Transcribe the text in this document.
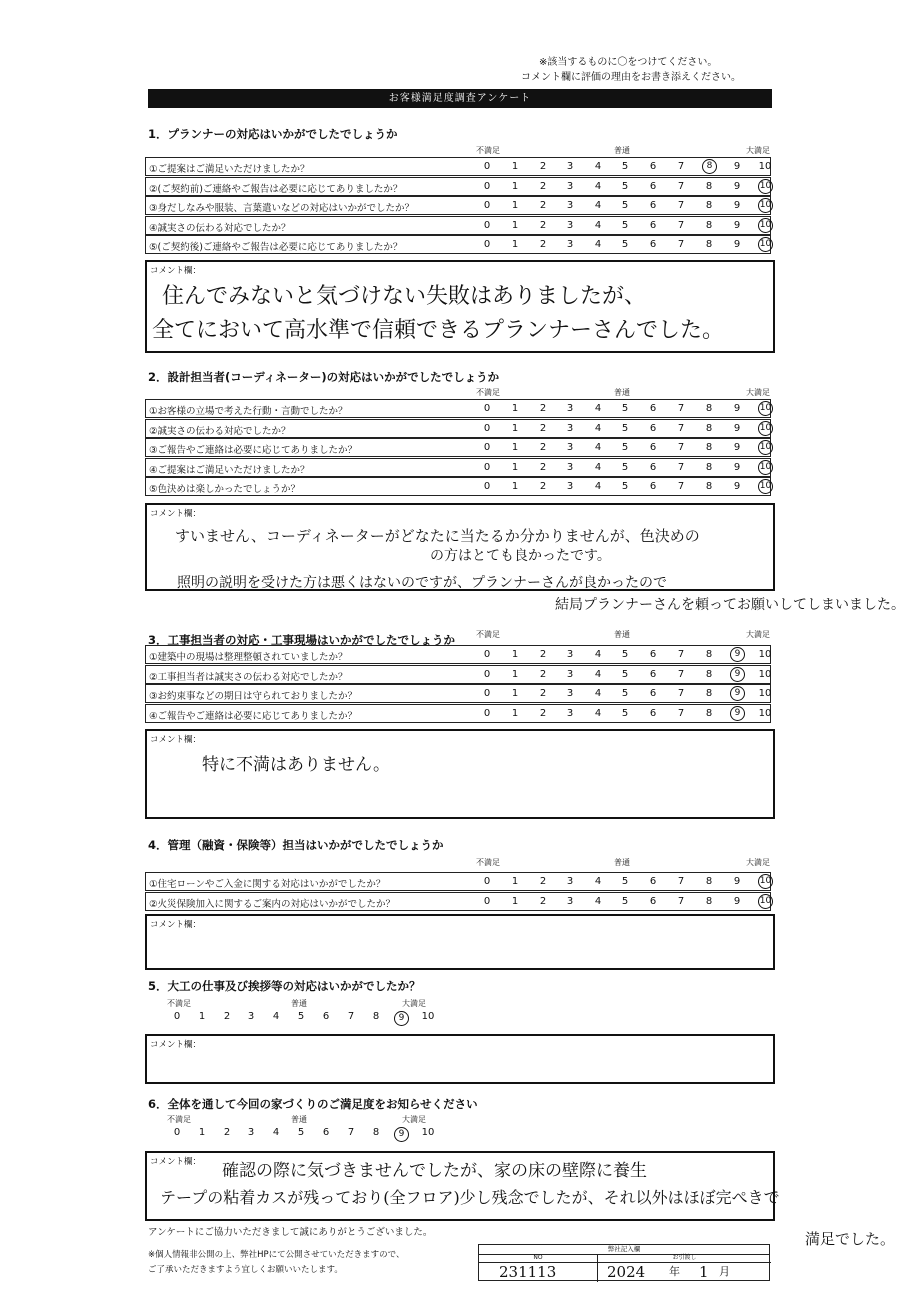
※該当するものに〇をつけてください。
コメント欄に評価の理由をお書き添えください。
お客様満足度調査アンケート
1．プランナーの対応はいかがでしたでしょうか
不満足	普通	大満足
①ご提案はご満足いただけましたか？	0	1	2	3	4	5	6	7	8	9	10
②(ご契約前)ご連絡やご報告は必要に応じてありましたか？	0	1	2	3	4	5	6	7	8	9	10
③身だしなみや服装、言葉遣いなどの対応はいかがでしたか？	0	1	2	3	4	5	6	7	8	9	10
④誠実さの伝わる対応でしたか？	0	1	2	3	4	5	6	7	8	9	10
⑤(ご契約後)ご連絡やご報告は必要に応じてありましたか？	0	1	2	3	4	5	6	7	8	9	10
コメント欄：
住んでみないと気づけない失敗はありましたが、
全てにおいて高水準で信頼できるプランナーさんでした。
2．設計担当者(コーディネーター)の対応はいかがでしたでしょうか
不満足	普通	大満足
①お客様の立場で考えた行動・言動でしたか？	0	1	2	3	4	5	6	7	8	9	10
②誠実さの伝わる対応でしたか？	0	1	2	3	4	5	6	7	8	9	10
③ご報告やご連絡は必要に応じてありましたか？	0	1	2	3	4	5	6	7	8	9	10
④ご提案はご満足いただけましたか？	0	1	2	3	4	5	6	7	8	9	10
⑤色決めは楽しかったでしょうか？	0	1	2	3	4	5	6	7	8	9	10
コメント欄：
すいません、コーディネーターがどなたに当たるか分かりませんが、色決めの
の方はとても良かったです。
照明の説明を受けた方は悪くはないのですが、プランナーさんが良かったので
結局プランナーさんを頼ってお願いしてしまいました。
3．工事担当者の対応・工事現場はいかがでしたでしょうか	不満足	普通	大満足
①建築中の現場は整理整頓されていましたか？	0	1	2	3	4	5	6	7	8	9	10
②工事担当者は誠実さの伝わる対応でしたか？	0	1	2	3	4	5	6	7	8	9	10
③お約束事などの期日は守られておりましたか？	0	1	2	3	4	5	6	7	8	9	10
④ご報告やご連絡は必要に応じてありましたか？	0	1	2	3	4	5	6	7	8	9	10
コメント欄：
特に不満はありません。
4．管理（融資・保険等）担当はいかがでしたでしょうか
不満足	普通	大満足
①住宅ローンやご入金に関する対応はいかがでしたか？	0	1	2	3	4	5	6	7	8	9	10
②火災保険加入に関するご案内の対応はいかがでしたか？	0	1	2	3	4	5	6	7	8	9	10
コメント欄：
5．大工の仕事及び挨拶等の対応はいかがでしたか？
不満足	普通	大満足
0	1	2	3	4	5	6	7	8	9	10
コメント欄：
6．全体を通して今回の家づくりのご満足度をお知らせください
不満足	普通	大満足
0	1	2	3	4	5	6	7	8	9	10
コメント欄： 確認の際に気づきませんでしたが、家の床の壁際に養生
テープの粘着カスが残っており(全フロア)少し残念でしたが、それ以外はほぼ完ぺきで
満足でした。
アンケートにご協力いただきまして誠にありがとうございました。
※個人情報非公開の上、弊社HPにて公開させていただきますので、
ご了承いただきますよう宜しくお願いいたします。
弊社記入欄
NO	お引渡し
231113	2024 年 1 月
